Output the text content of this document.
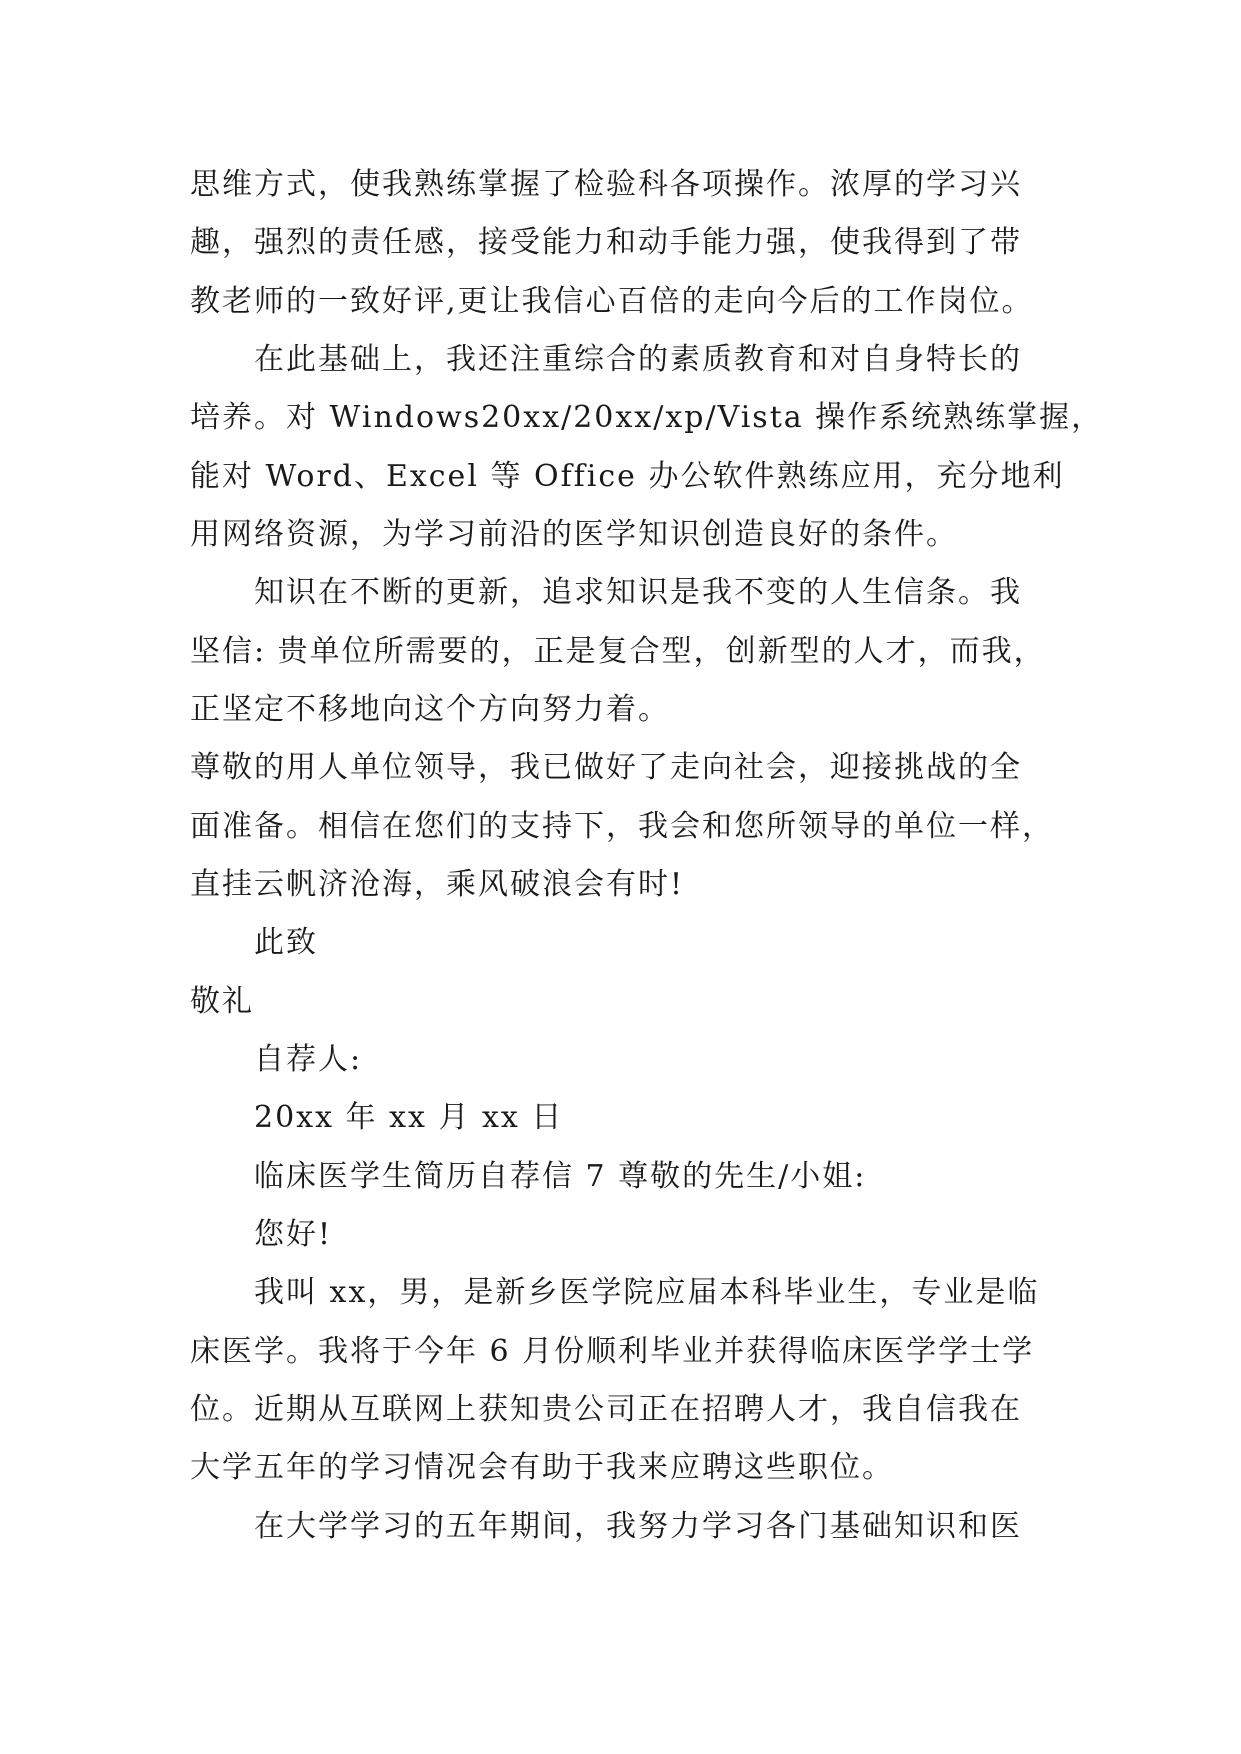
思维方式，使我熟练掌握了检验科各项操作。浓厚的学习兴
趣，强烈的责任感，接受能力和动手能力强，使我得到了带
教老师的一致好评,更让我信心百倍的走向今后的工作岗位。
在此基础上，我还注重综合的素质教育和对自身特长的
培养。对 Windows20xx/20xx/xp/Vista 操作系统熟练掌握，
能对 Word、Excel 等 Office 办公软件熟练应用，充分地利
用网络资源，为学习前沿的医学知识创造良好的条件。
知识在不断的更新，追求知识是我不变的人生信条。我
坚信: 贵单位所需要的，正是复合型，创新型的人才，而我，
正坚定不移地向这个方向努力着。
尊敬的用人单位领导，我已做好了走向社会，迎接挑战的全
面准备。相信在您们的支持下，我会和您所领导的单位一样，
直挂云帆济沧海，乘风破浪会有时!
此致
敬礼
自荐人:
20xx 年 xx 月 xx 日
临床医学生简历自荐信 7 尊敬的先生/小姐:
您好!
我叫 xx，男，是新乡医学院应届本科毕业生，专业是临
床医学。我将于今年 6 月份顺利毕业并获得临床医学学士学
位。近期从互联网上获知贵公司正在招聘人才，我自信我在
大学五年的学习情况会有助于我来应聘这些职位。
在大学学习的五年期间，我努力学习各门基础知识和医
